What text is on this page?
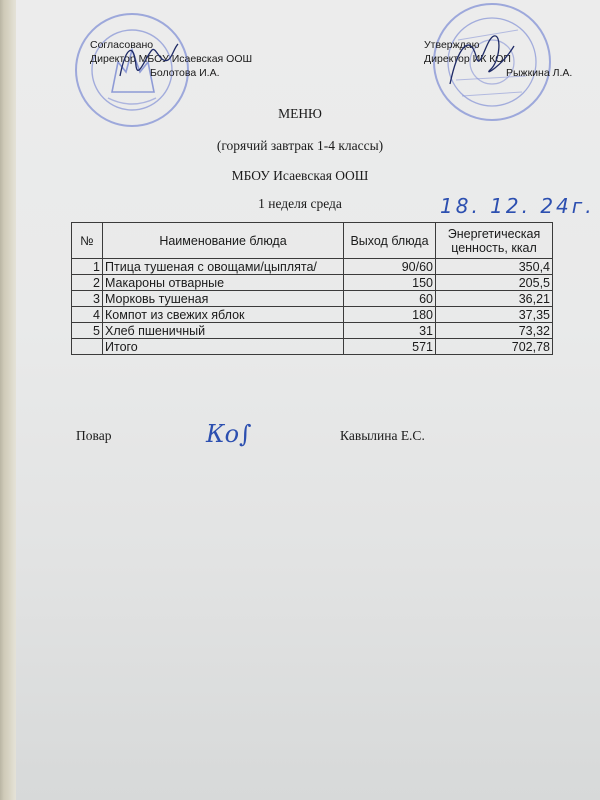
Согласовано
Директор МБОУ Исаевская ООШ
Болотова И.А.
Утверждаю
Директор ИК КОП
Рыжкина Л.А.
МЕНЮ
(горячий завтрак 1-4 классы)
МБОУ Исаевская ООШ
1 неделя среда	18. 12. 24г.
№	Наименование блюда	Выход блюда	Энергетическая ценность, ккал
1	Птица тушеная с овощами/цыплята/	90/60	350,4
2	Макароны отварные	150	205,5
3	Морковь тушеная	60	36,21
4	Компот из свежих яблок	180	37,35
5	Хлеб пшеничный	31	73,32
	Итого	571	702,78
Повар	Ко∫	Кавылина Е.С.
